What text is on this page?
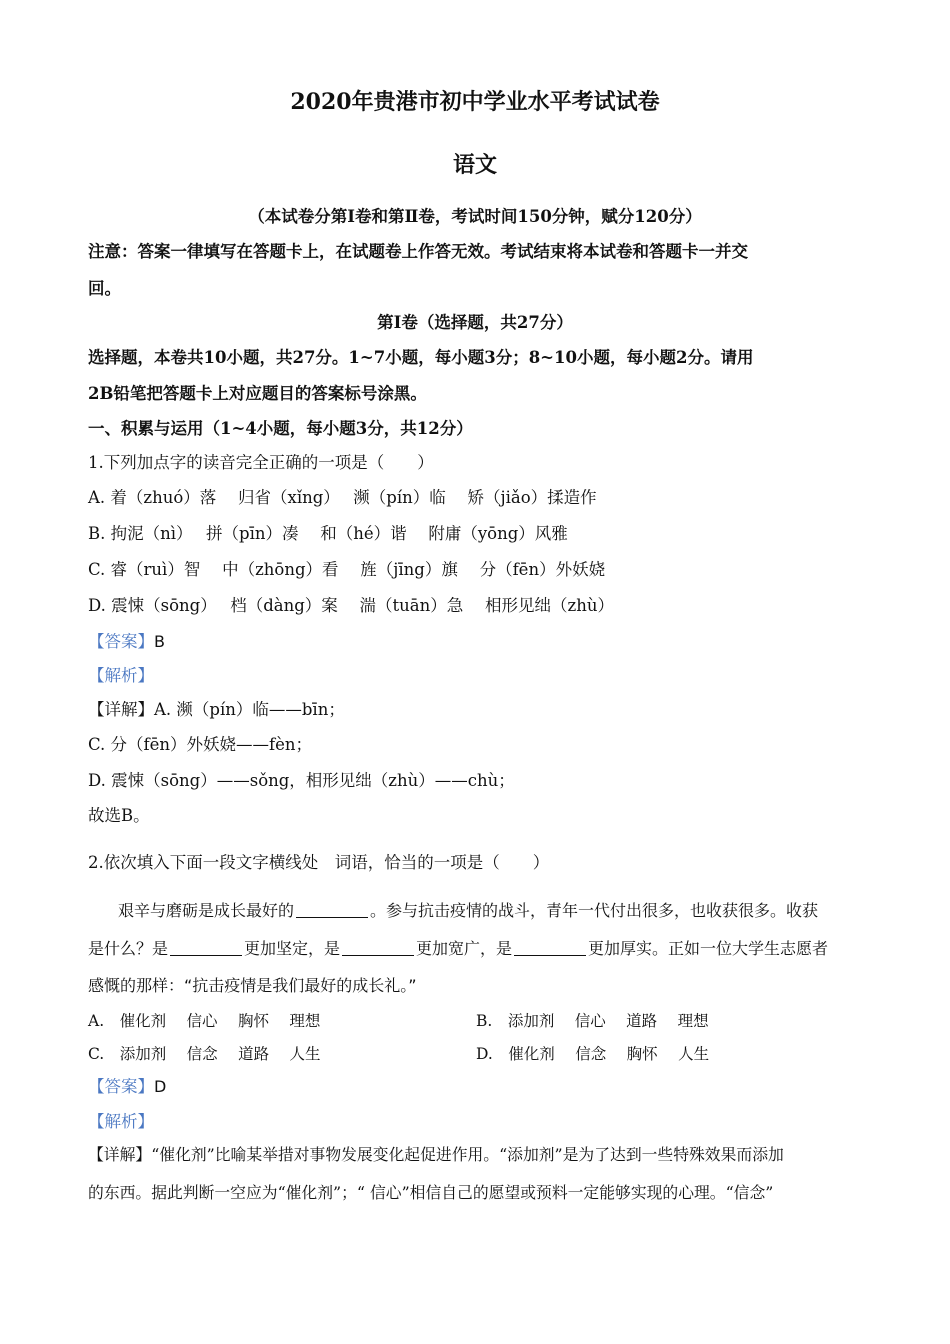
2020年贵港市初中学业水平考试试卷
语文
（本试卷分第Ⅰ卷和第Ⅱ卷，考试时间150分钟，赋分120分）
注意：答案一律填写在答题卡上，在试题卷上作答无效。考试结束将本试卷和答题卡一并交
回。
第Ⅰ卷（选择题，共27分）
选择题，本卷共10小题，共27分。1~7小题，每小题3分；8~10小题，每小题2分。请用
2B铅笔把答题卡上对应题目的答案标号涂黑。
一、积累与运用（1~4小题，每小题3分，共12分）
1.下列加点字的读音完全正确的一项是（　　）
A. 着（zhuó）落　 归省（xǐng）　 濒（pín）临　 矫（jiǎo）揉造作
B. 拘泥（nì）　 拼（pīn）凑　 和（hé）谐　 附庸（yōng）风雅
C. 睿（ruì）智　 中（zhōng）看　 旌（jīng）旗　 分（fēn）外妖娆
D. 震悚（sōng）　 档（dàng）案　 湍（tuān）急　 相形见绌（zhù）
【答案】B
【解析】
【详解】A. 濒（pín）临——bīn；
C. 分（fēn）外妖娆——fèn；
D. 震悚（sōng）——sǒng，相形见绌（zhù）——chù；
故选B。
2.依次填入下面一段文字横线处　词语，恰当的一项是（　　）
艰辛与磨砺是成长最好的	。参与抗击疫情的战斗，青年一代付出很多，也收获很多。收获
是什么？是	更加坚定，是	更加宽广，是	更加厚实。正如一位大学生志愿者
感慨的那样：“抗击疫情是我们最好的成长礼。”
A.　催化剂　 信心　 胸怀　 理想	B.　添加剂　 信心　 道路　 理想
C.　添加剂　 信念　 道路　 人生	D.　催化剂　 信念　 胸怀　 人生
【答案】D
【解析】
【详解】“催化剂”比喻某举措对事物发展变化起促进作用。“添加剂”是为了达到一些特殊效果而添加
的东西。据此判断一空应为“催化剂”；“ 信心”相信自己的愿望或预料一定能够实现的心理。“信念”
